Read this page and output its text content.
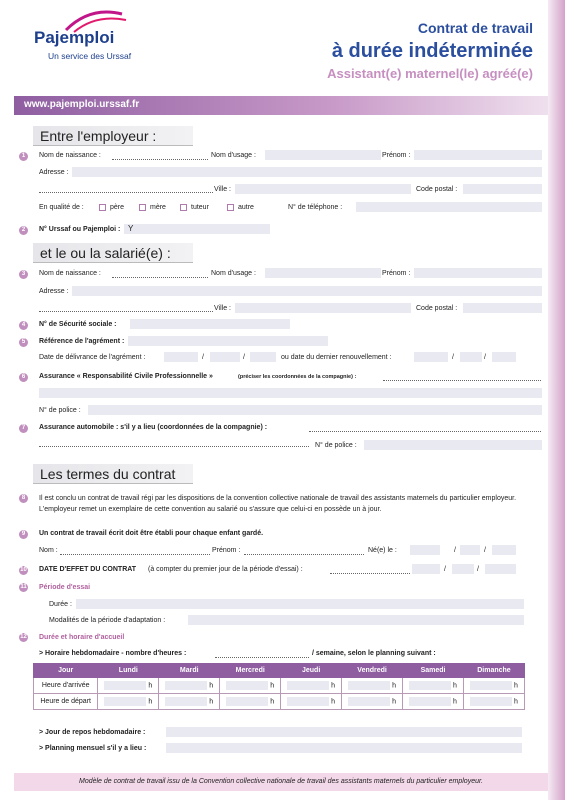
Pajemploi
Un service des Urssaf
Contrat de travail
à durée indéterminée
Assistant(e) maternel(le) agréé(e)
www.pajemploi.urssaf.fr
Entre l'employeur :
1	Nom de naissance :	Nom d'usage :	Prénom :
Adresse :
Ville :	Code postal :
En qualité de :	père	mère	tuteur	autre	N° de téléphone :
2	N° Urssaf ou Pajemploi : Y
et le ou la salarié(e) :
3	Nom de naissance :	Nom d'usage :	Prénom :
Adresse :
Ville :	Code postal :
4	N° de Sécurité sociale :
5	Référence de l'agrément :
Date de délivrance de l'agrément :	/	/	ou date du dernier renouvellement :	/	/
6	Assurance « Responsabilité Civile Professionnelle »	(préciser les coordonnées de la compagnie) :
N° de police :
7	Assurance automobile : s'il y a lieu (coordonnées de la compagnie) :
N° de police :
Les termes du contrat
8	Il est conclu un contrat de travail régi par les dispositions de la convention collective nationale de travail des assistants maternels du particulier employeur. L'employeur remet un exemplaire de cette convention au salarié ou s'assure que celui-ci en possède un à jour.
9	Un contrat de travail écrit doit être établi pour chaque enfant gardé.
Nom :	Prénom :	Né(e) le :	/	/
10 DATE D'EFFET DU CONTRAT (à compter du premier jour de la période d'essai) :	/	/
11 Période d'essai
Durée :
Modalités de la période d'adaptation :
12 Durée et horaire d'accueil
> Horaire hebdomadaire - nombre d'heures :	/ semaine, selon le planning suivant :
Jour	Lundi	Mardi	Mercredi	Jeudi	Vendredi	Samedi	Dimanche
Heure d'arrivée	h	h	h	h	h	h	h
Heure de départ	h	h	h	h	h	h	h
> Jour de repos hebdomadaire :
> Planning mensuel s'il y a lieu :
Modèle de contrat de travail issu de la Convention collective nationale de travail des assistants maternels du particulier employeur.
